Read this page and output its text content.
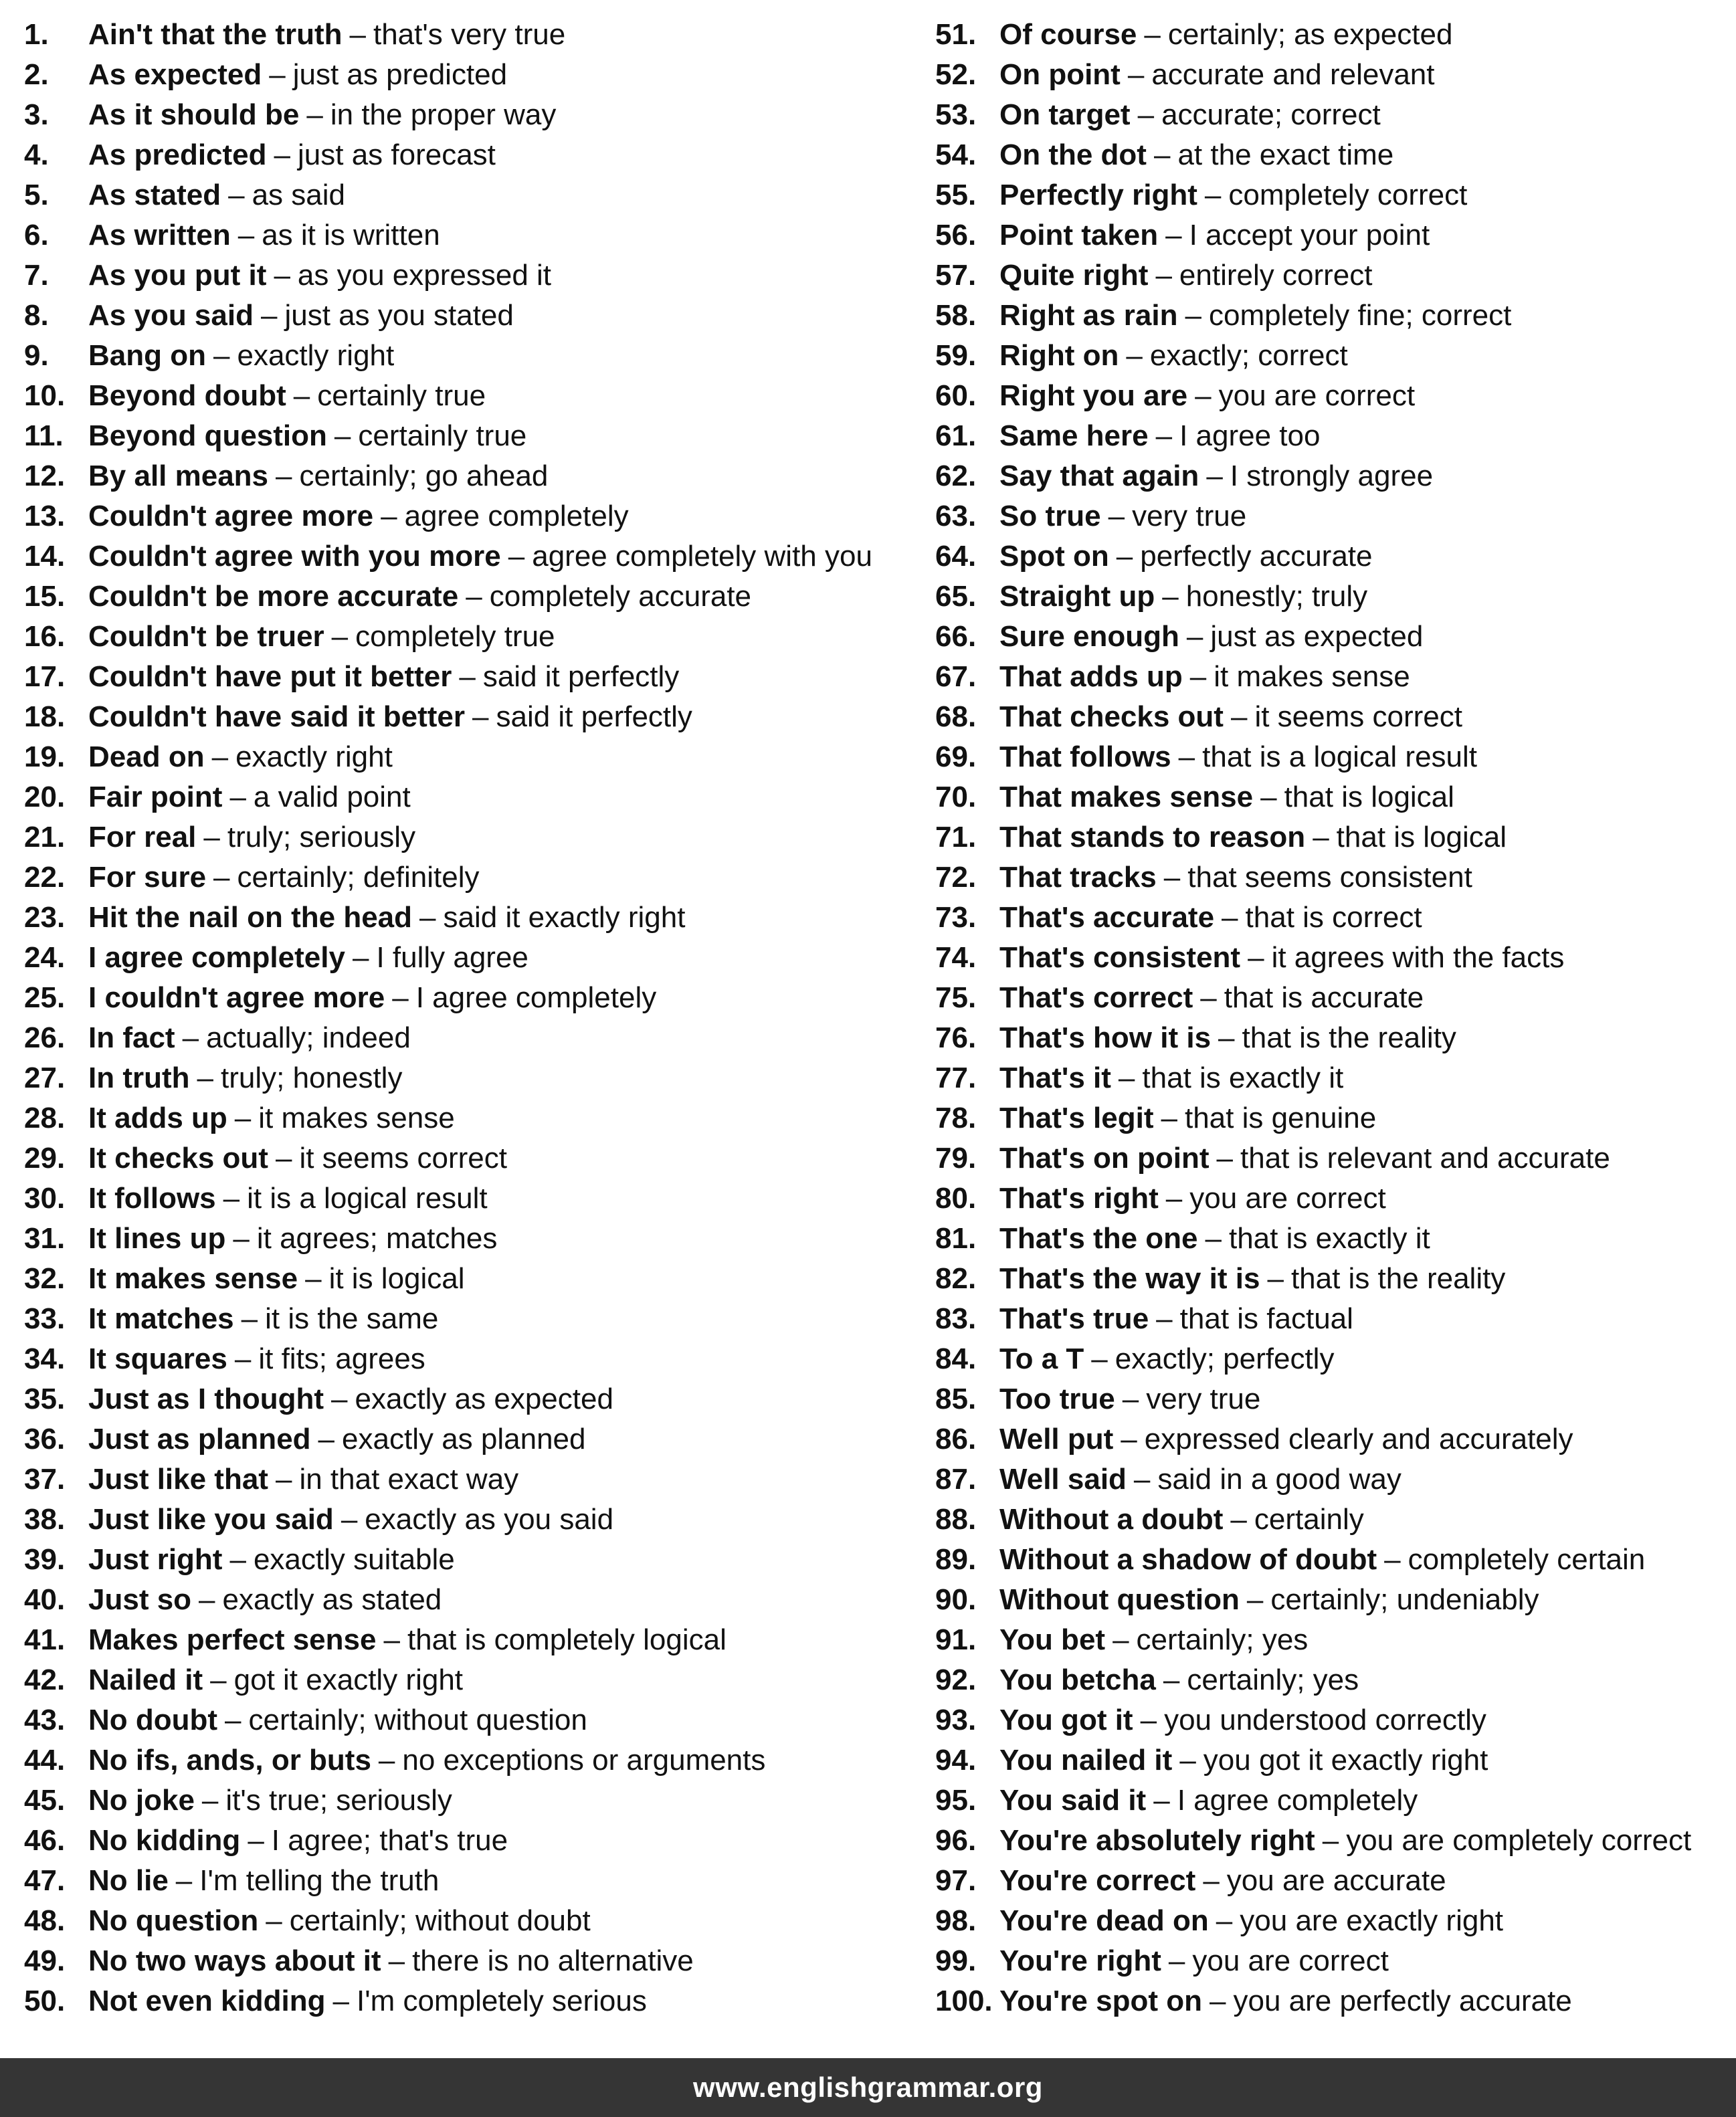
1.	Ain't that the truth – that's very true
2.	As expected – just as predicted
3.	As it should be – in the proper way
4.	As predicted – just as forecast
5.	As stated – as said
6.	As written – as it is written
7.	As you put it – as you expressed it
8.	As you said – just as you stated
9.	Bang on – exactly right
10. Beyond doubt – certainly true
11. Beyond question – certainly true
12. By all means – certainly; go ahead
13. Couldn't agree more – agree completely
14. Couldn't agree with you more – agree completely with you
15. Couldn't be more accurate – completely accurate
16. Couldn't be truer – completely true
17. Couldn't have put it better – said it perfectly
18. Couldn't have said it better – said it perfectly
19. Dead on – exactly right
20. Fair point – a valid point
21. For real – truly; seriously
22. For sure – certainly; definitely
23. Hit the nail on the head – said it exactly right
24. I agree completely – I fully agree
25. I couldn't agree more – I agree completely
26. In fact – actually; indeed
27. In truth – truly; honestly
28. It adds up – it makes sense
29. It checks out – it seems correct
30. It follows – it is a logical result
31. It lines up – it agrees; matches
32. It makes sense – it is logical
33. It matches – it is the same
34. It squares – it fits; agrees
35. Just as I thought – exactly as expected
36. Just as planned – exactly as planned
37. Just like that – in that exact way
38. Just like you said – exactly as you said
39. Just right – exactly suitable
40. Just so – exactly as stated
41. Makes perfect sense – that is completely logical
42. Nailed it – got it exactly right
43. No doubt – certainly; without question
44. No ifs, ands, or buts – no exceptions or arguments
45. No joke – it's true; seriously
46. No kidding – I agree; that's true
47. No lie – I'm telling the truth
48. No question – certainly; without doubt
49. No two ways about it – there is no alternative
50. Not even kidding – I'm completely serious
51. Of course – certainly; as expected
52. On point – accurate and relevant
53. On target – accurate; correct
54. On the dot – at the exact time
55. Perfectly right – completely correct
56. Point taken – I accept your point
57. Quite right – entirely correct
58. Right as rain – completely fine; correct
59. Right on – exactly; correct
60. Right you are – you are correct
61. Same here – I agree too
62. Say that again – I strongly agree
63. So true – very true
64. Spot on – perfectly accurate
65. Straight up – honestly; truly
66. Sure enough – just as expected
67. That adds up – it makes sense
68. That checks out – it seems correct
69. That follows – that is a logical result
70. That makes sense – that is logical
71. That stands to reason – that is logical
72. That tracks – that seems consistent
73. That's accurate – that is correct
74. That's consistent – it agrees with the facts
75. That's correct – that is accurate
76. That's how it is – that is the reality
77. That's it – that is exactly it
78. That's legit – that is genuine
79. That's on point – that is relevant and accurate
80. That's right – you are correct
81. That's the one – that is exactly it
82. That's the way it is – that is the reality
83. That's true – that is factual
84. To a T – exactly; perfectly
85. Too true – very true
86. Well put – expressed clearly and accurately
87. Well said – said in a good way
88. Without a doubt – certainly
89. Without a shadow of doubt – completely certain
90. Without question – certainly; undeniably
91. You bet – certainly; yes
92. You betcha – certainly; yes
93. You got it – you understood correctly
94. You nailed it – you got it exactly right
95. You said it – I agree completely
96. You're absolutely right – you are completely correct
97. You're correct – you are accurate
98. You're dead on – you are exactly right
99. You're right – you are correct
100. You're spot on – you are perfectly accurate
www.englishgrammar.org
